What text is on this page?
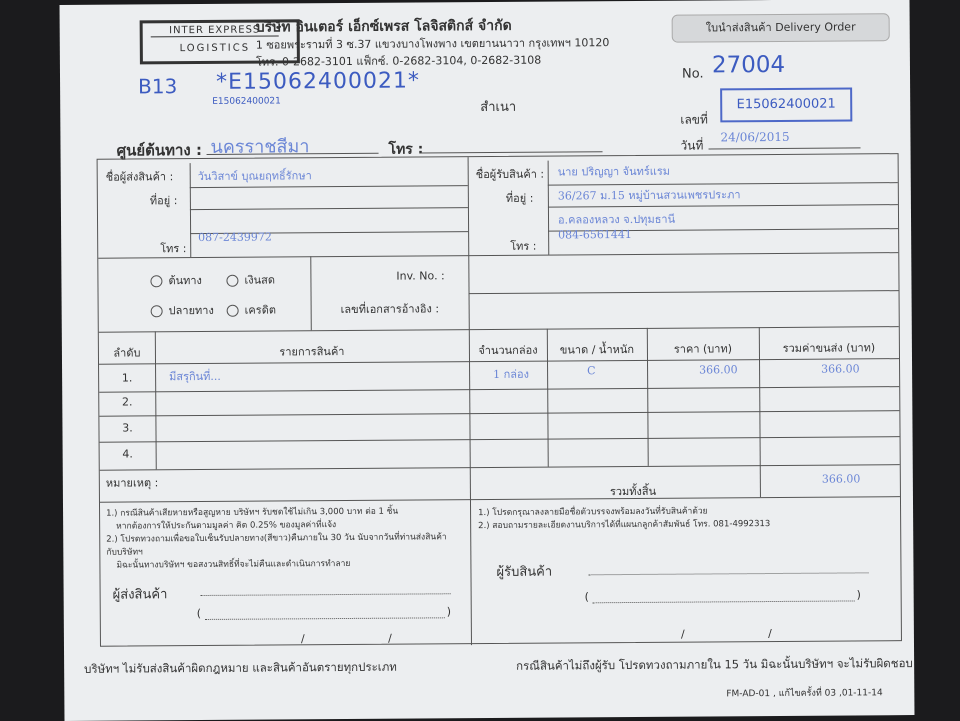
INTER EXPRESS
LOGISTICS
บริษัท อินเตอร์ เอ็กซ์เพรส โลจิสติกส์ จำกัด
1 ซอยพระรามที่ 3 ซ.37 แขวงบางโพงพาง เขตยานนาวา กรุงเทพฯ 10120
โทร. 0-2682-3101 แฟ็กซ์. 0-2682-3104, 0-2682-3108
ใบนำส่งสินค้า Delivery Order
B13 *E15062400021*
E15062400021
No. 27004
สำเนา
เลขที่
E15062400021
วันที่
24/06/2015
ศูนย์ต้นทาง : นครราชสีมา	โทร :
ชื่อผู้ส่งสินค้า : วันวิสาข์ บุณยฤทธิ์รักษา
ที่อยู่ :
โทร :
087-2439972
ชื่อผู้รับสินค้า : นาย ปริญญา จันทร์แรม
ที่อยู่ : 36/267 ม.15 หมู่บ้านสวนเพชรประภา
อ.คลองหลวง จ.ปทุมธานี
โทร :
084-6561441
ต้นทาง	เงินสด
ปลายทาง	เครดิต
Inv. No. :
เลขที่เอกสารอ้างอิง :
ลำดับ	รายการสินค้า	จำนวนกล่อง	ขนาด / น้ำหนัก	ราคา (บาท)	รวมค่าขนส่ง (บาท)
1.	มีสรุกินที่...	1 กล่อง	C	366.00	366.00
2.
3.
4.
หมายเหตุ :
รวมทั้งสิ้น
366.00
1.) กรณีสินค้าเสียหายหรือสูญหาย บริษัทฯ รับชดใช้ไม่เกิน 3,000 บาท ต่อ 1 ชิ้น
หากต้องการให้ประกันตามมูลค่า คิด 0.25% ของมูลค่าที่แจ้ง
2.) โปรดทวงถามเพื่อขอใบเซ็นรับปลายทาง(สีขาว)คืนภายใน 30 วัน นับจากวันที่ท่านส่งสินค้ากับบริษัทฯ
มิฉะนั้นทางบริษัทฯ ขอสงวนสิทธิ์ที่จะไม่คืนและดำเนินการทำลาย
1.) โปรดกรุณาลงลายมือชื่อตัวบรรจงพร้อมลงวันที่รับสินค้าด้วย
2.) สอบถามรายละเอียดงานบริการได้ที่แผนกลูกค้าสัมพันธ์ โทร. 081-4992313
ผู้ส่งสินค้า
(	)
/ /
ผู้รับสินค้า
(	)
/ /
บริษัทฯ ไม่รับส่งสินค้าผิดกฎหมาย และสินค้าอันตรายทุกประเภท	กรณีสินค้าไม่ถึงผู้รับ โปรดทวงถามภายใน 15 วัน มิฉะนั้นบริษัทฯ จะไม่รับผิดชอบ
FM-AD-01 , แก้ไขครั้งที่ 03 ,01-11-14
